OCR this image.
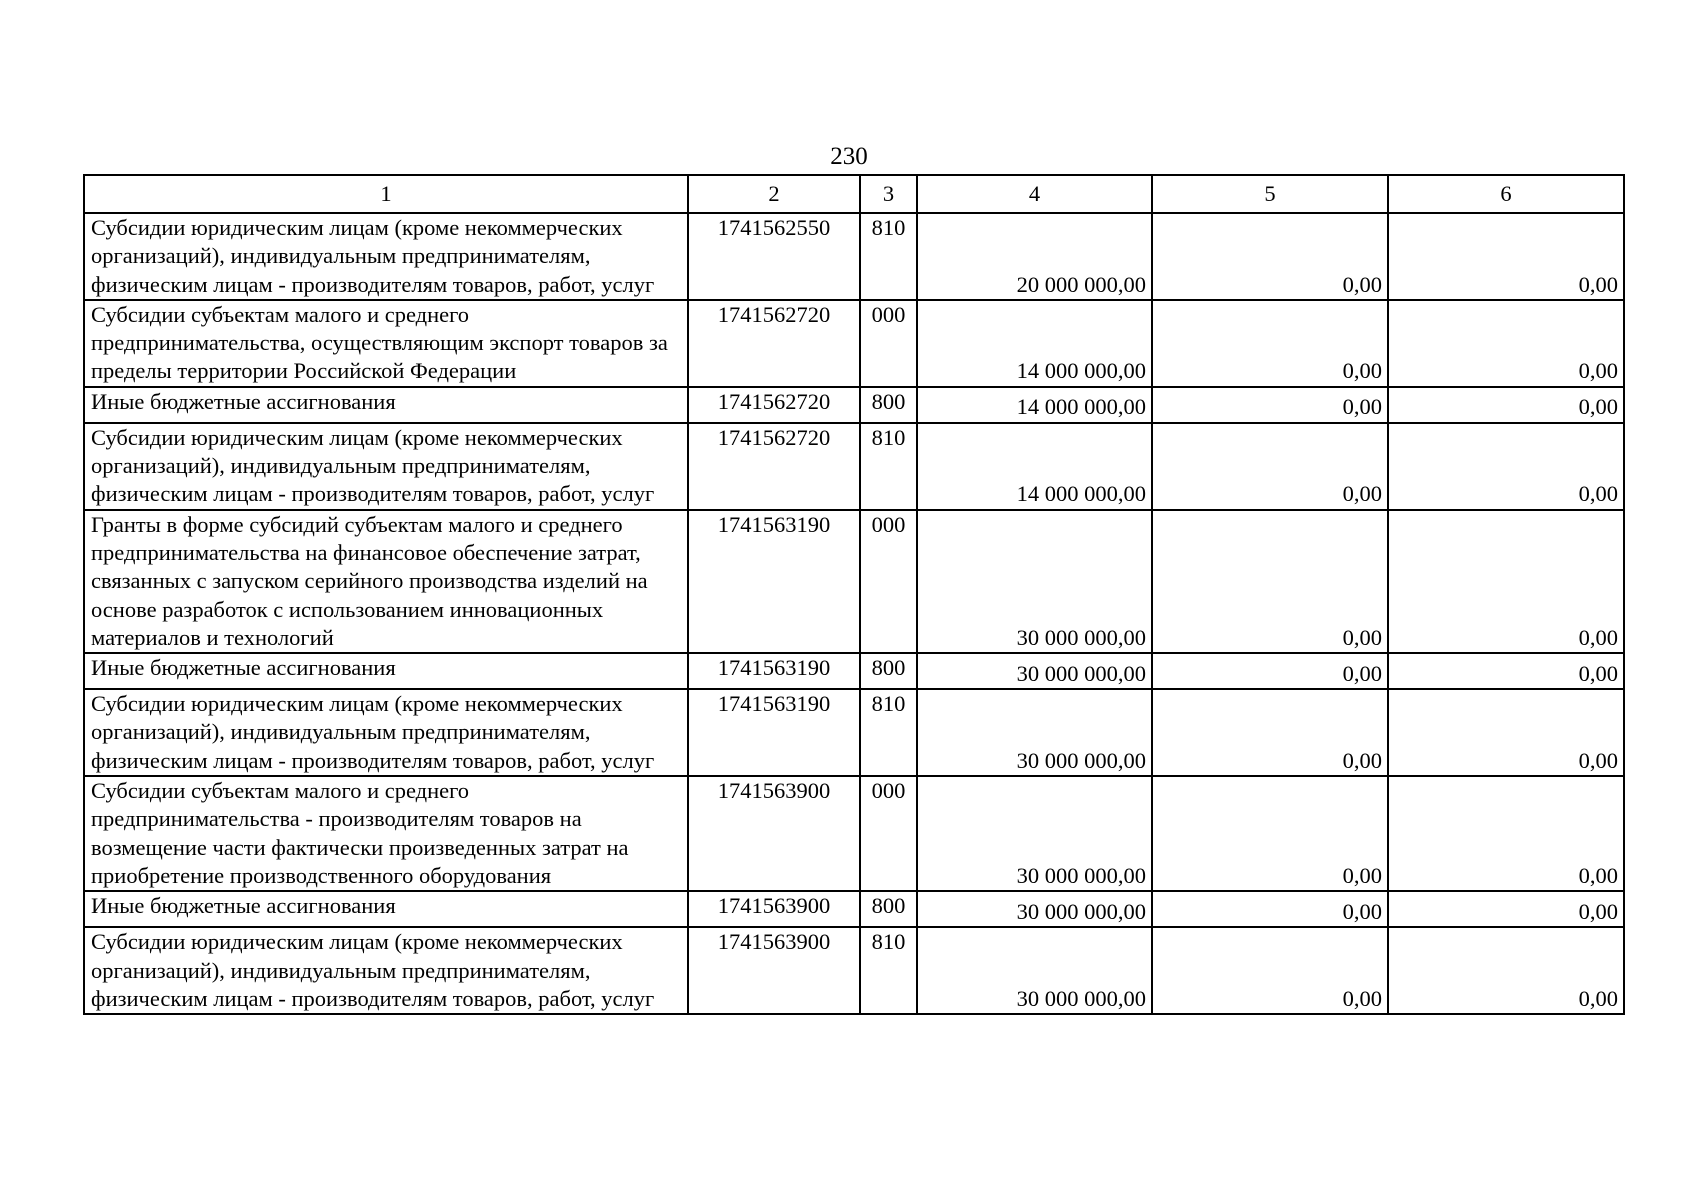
230
1	2	3	4	5	6
Субсидии юридическим лицам (кроме некоммерческих организаций), индивидуальным предпринимателям, физическим лицам - производителям товаров, работ, услуг	1741562550	810	20 000 000,00	0,00	0,00
Субсидии субъектам малого и среднего предпринимательства, осуществляющим экспорт товаров за пределы территории Российской Федерации	1741562720	000	14 000 000,00	0,00	0,00
Иные бюджетные ассигнования	1741562720	800	14 000 000,00	0,00	0,00
Субсидии юридическим лицам (кроме некоммерческих организаций), индивидуальным предпринимателям, физическим лицам - производителям товаров, работ, услуг	1741562720	810	14 000 000,00	0,00	0,00
Гранты в форме субсидий субъектам малого и среднего предпринимательства на финансовое обеспечение затрат, связанных с запуском серийного производства изделий на основе разработок с использованием инновационных материалов и технологий	1741563190	000	30 000 000,00	0,00	0,00
Иные бюджетные ассигнования	1741563190	800	30 000 000,00	0,00	0,00
Субсидии юридическим лицам (кроме некоммерческих организаций), индивидуальным предпринимателям, физическим лицам - производителям товаров, работ, услуг	1741563190	810	30 000 000,00	0,00	0,00
Субсидии субъектам малого и среднего предпринимательства - производителям товаров на возмещение части фактически произведенных затрат на приобретение производственного оборудования	1741563900	000	30 000 000,00	0,00	0,00
Иные бюджетные ассигнования	1741563900	800	30 000 000,00	0,00	0,00
Субсидии юридическим лицам (кроме некоммерческих организаций), индивидуальным предпринимателям, физическим лицам - производителям товаров, работ, услуг	1741563900	810	30 000 000,00	0,00	0,00
